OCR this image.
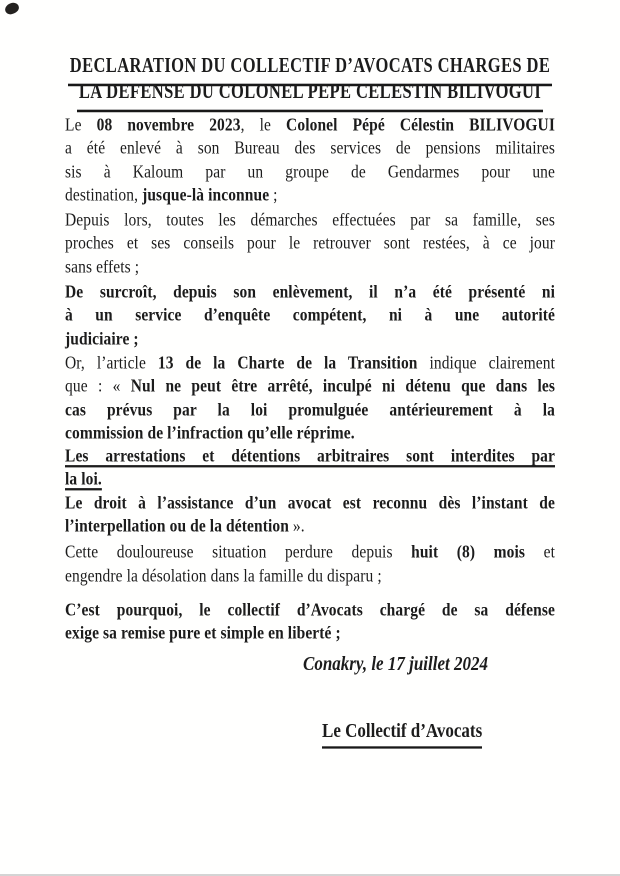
DECLARATION DU COLLECTIF D’AVOCATS CHARGES DE
LA DEFENSE DU COLONEL PEPE CELESTIN BILIVOGUI
Le 08 novembre 2023, le Colonel Pépé Célestin BILIVOGUI
a été enlevé à son Bureau des services de pensions militaires
sis à Kaloum par un groupe de Gendarmes pour une
destination, jusque-là inconnue ;
Depuis lors, toutes les démarches effectuées par sa famille, ses
proches et ses conseils pour le retrouver sont restées, à ce jour
sans effets ;
De surcroît, depuis son enlèvement, il n’a été présenté ni
à un service d’enquête compétent, ni à une autorité
judiciaire ;
Or, l’article 13 de la Charte de la Transition indique clairement
que : « Nul ne peut être arrêté, inculpé ni détenu que dans les
cas prévus par la loi promulguée antérieurement à la
commission de l’infraction qu’elle réprime.
Les arrestations et détentions arbitraires sont interdites par
la loi.
Le droit à l’assistance d’un avocat est reconnu dès l’instant de
l’interpellation ou de la détention ».
Cette douloureuse situation perdure depuis huit (8) mois et
engendre la désolation dans la famille du disparu ;
C’est pourquoi, le collectif d’Avocats chargé de sa défense
exige sa remise pure et simple en liberté ;
Conakry, le 17 juillet 2024
Le Collectif d’Avocats
